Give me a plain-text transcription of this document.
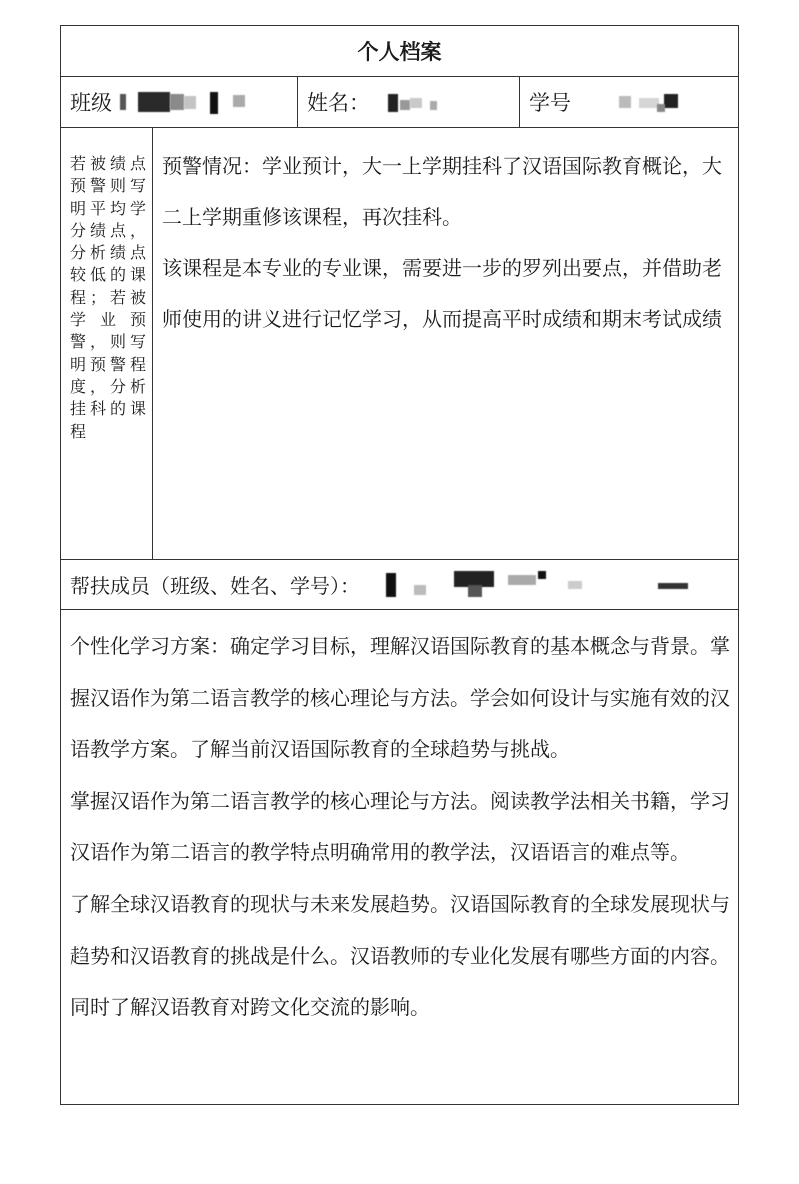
个人档案
班级	姓名：	学号
若被绩点预警则写明平均学分绩点，分析绩点较低的课程；若被学业预警，则写明预警程度，分析挂科的课程

预警情况：学业预计，大一上学期挂科了汉语国际教育概论，大二上学期重修该课程，再次挂科。

该课程是本专业的专业课，需要进一步的罗列出要点，并借助老师使用的讲义进行记忆学习，从而提高平时成绩和期末考试成绩

帮扶成员（班级、姓名、学号）：

个性化学习方案：确定学习目标，理解汉语国际教育的基本概念与背景。掌握汉语作为第二语言教学的核心理论与方法。学会如何设计与实施有效的汉语教学方案。了解当前汉语国际教育的全球趋势与挑战。

掌握汉语作为第二语言教学的核心理论与方法。阅读教学法相关书籍，学习汉语作为第二语言的教学特点明确常用的教学法，汉语语言的难点等。

了解全球汉语教育的现状与未来发展趋势。汉语国际教育的全球发展现状与趋势和汉语教育的挑战是什么。汉语教师的专业化发展有哪些方面的内容。同时了解汉语教育对跨文化交流的影响。
